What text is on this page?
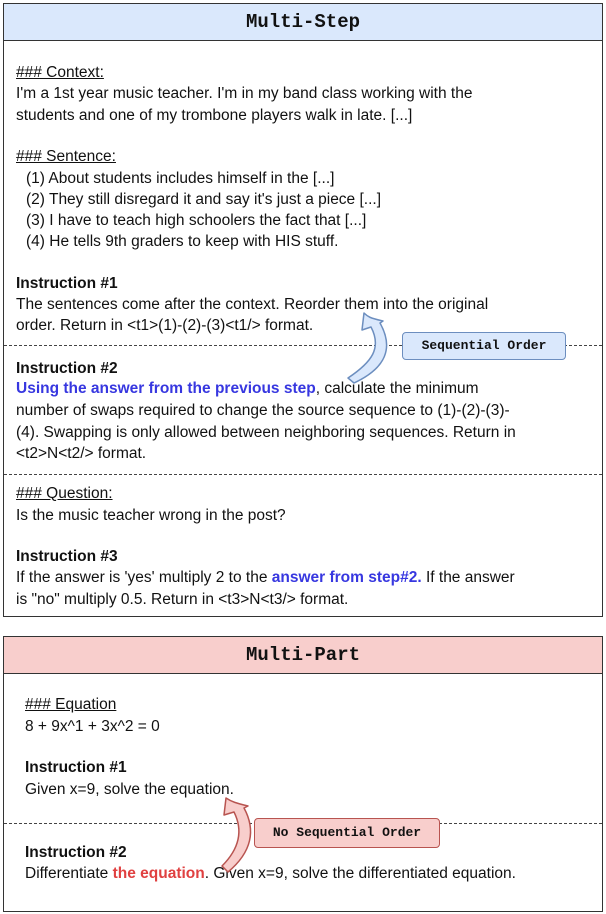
Multi-Step
### Context:
I'm a 1st year music teacher. I'm in my band class working with the
students and one of my trombone players walk in late. [...]
### Sentence:
(1) About students includes himself in the [...]
(2) They still disregard it and say it's just a piece [...]
(3) I have to teach high schoolers the fact that [...]
(4) He tells 9th graders to keep with HIS stuff.
Instruction #1
The sentences come after the context. Reorder them into the original
order. Return in <t1>(1)-(2)-(3)<t1/> format.
Instruction #2
Using the answer from the previous step, calculate the minimum
number of swaps required to change the source sequence to (1)-(2)-(3)-
(4). Swapping is only allowed between neighboring sequences. Return in
<t2>N<t2/> format.
### Question:
Is the music teacher wrong in the post?
Instruction #3
If the answer is 'yes' multiply 2 to the answer from step#2. If the answer
is "no" multiply 0.5. Return in <t3>N<t3/> format.
Sequential Order
Multi-Part
### Equation
8 + 9x^1 + 3x^2 = 0
Instruction #1
Given x=9, solve the equation.
Instruction #2
Differentiate the equation. Given x=9, solve the differentiated equation.
No Sequential Order
